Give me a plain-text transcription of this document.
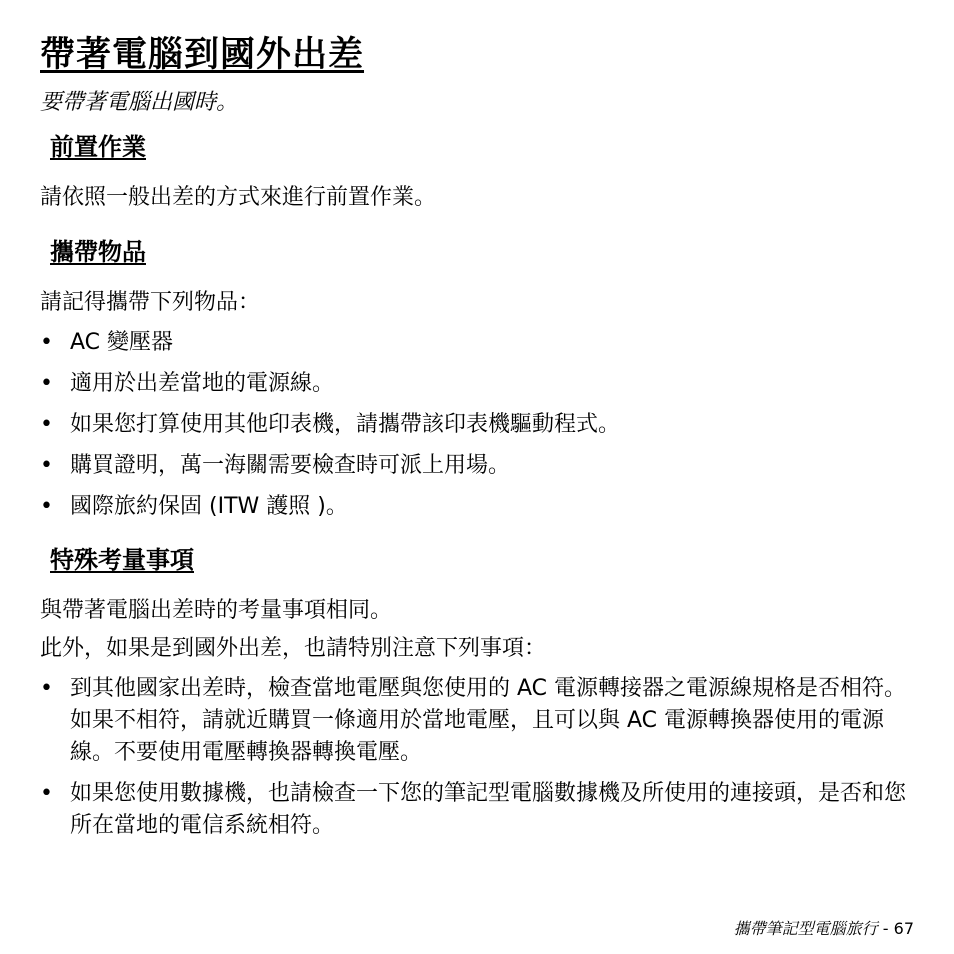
帶著電腦到國外出差

要帶著電腦出國時。

前置作業

請依照一般出差的方式來進行前置作業。

攜帶物品

請記得攜帶下列物品：

• AC 變壓器
• 適用於出差當地的電源線。
• 如果您打算使用其他印表機，請攜帶該印表機驅動程式。
• 購買證明，萬一海關需要檢查時可派上用場。
• 國際旅約保固 (ITW 護照 )。
特殊考量事項

與帶著電腦出差時的考量事項相同。

此外，如果是到國外出差，也請特別注意下列事項：

• 到其他國家出差時，檢查當地電壓與您使用的 AC 電源轉接器之電源線規格是否相符。如果不相符，請就近購買一條適用於當地電壓，且可以與 AC 電源轉換器使用的電源線。不要使用電壓轉換器轉換電壓。
• 如果您使用數據機，也請檢查一下您的筆記型電腦數據機及所使用的連接頭，是否和您所在當地的電信系統相符。
攜帶筆記型電腦旅行 - 67
